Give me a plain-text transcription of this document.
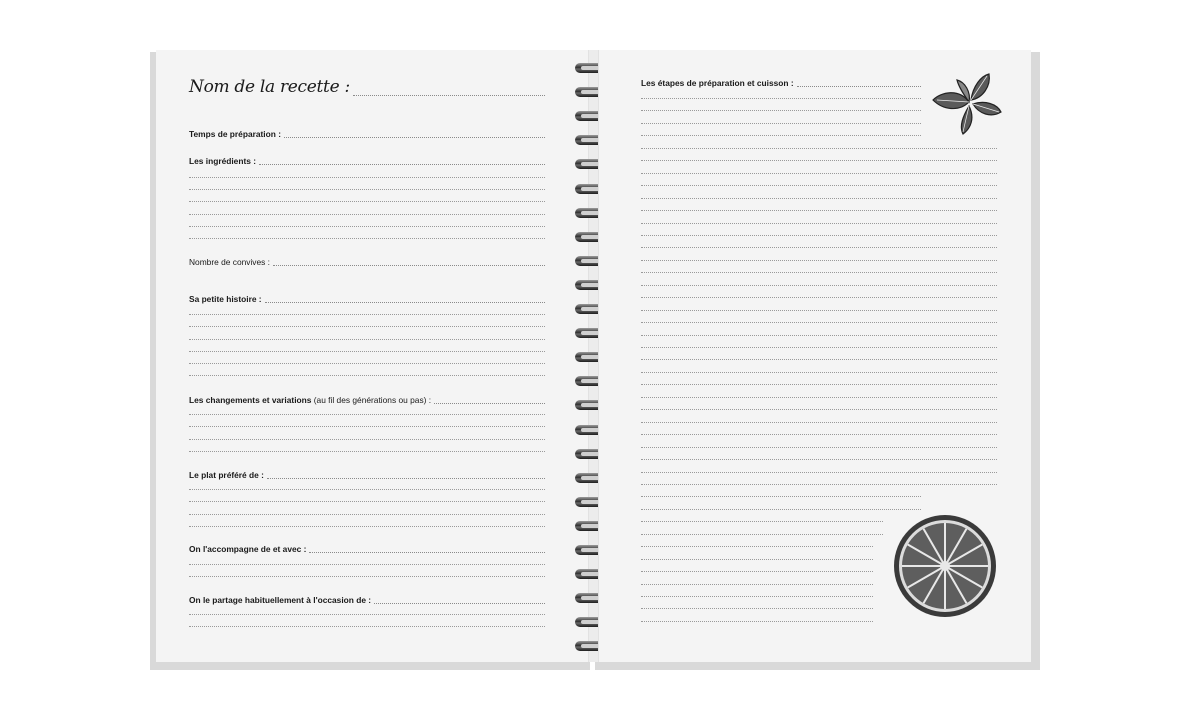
Nom de la recette :
Temps de préparation :
Les ingrédients :
Nombre de convives :
Sa petite histoire :
Les changements et variations (au fil des générations ou pas) :
Le plat préféré de :
On l'accompagne de et avec :
On le partage habituellement à l'occasion de :
Les étapes de préparation et cuisson :
